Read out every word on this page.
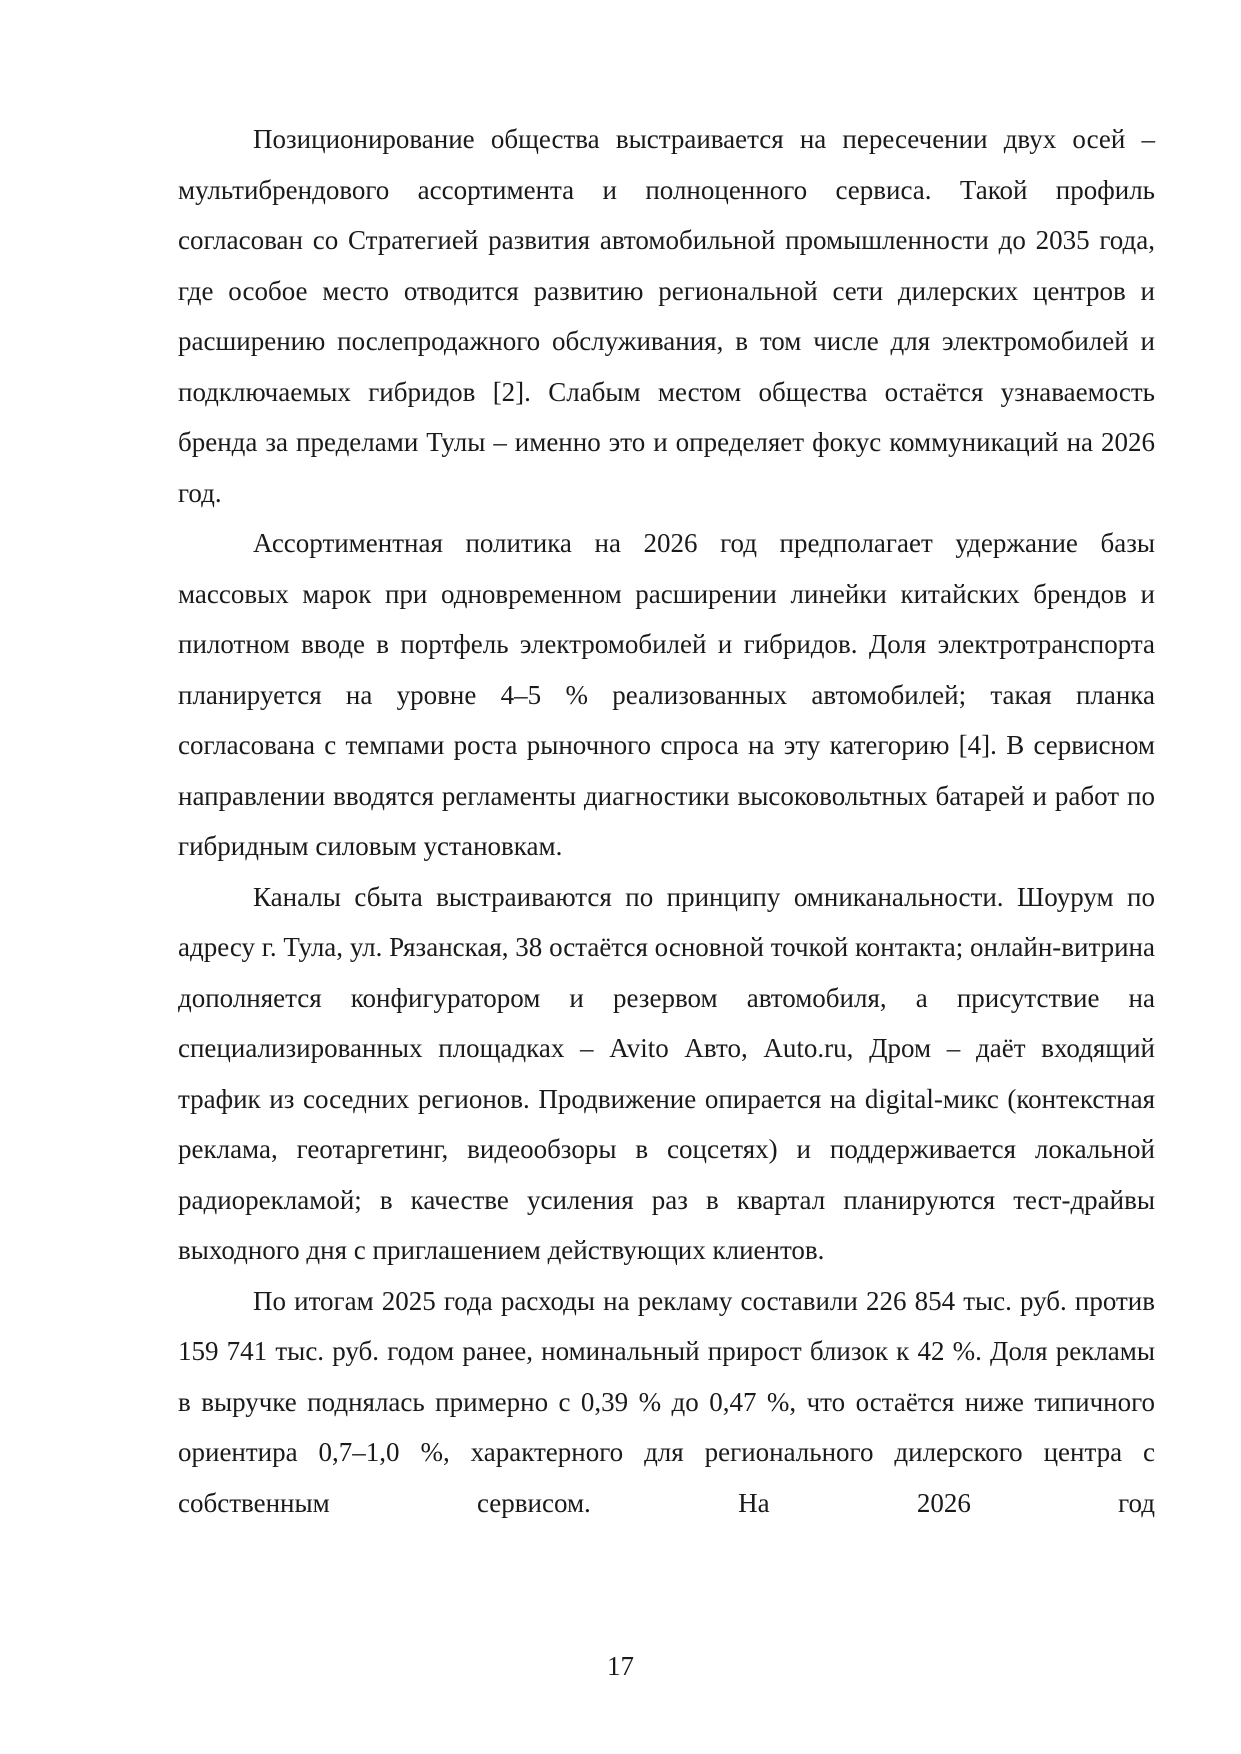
Позиционирование общества выстраивается на пересечении двух осей – мультибрендового ассортимента и полноценного сервиса. Такой профиль согласован со Стратегией развития автомобильной промышленности до 2035 года, где особое место отводится развитию региональной сети дилерских центров и расширению послепродажного обслуживания, в том числе для электромобилей и подключаемых гибридов [2]. Слабым местом общества остаётся узнаваемость бренда за пределами Тулы – именно это и определяет фокус коммуникаций на 2026 год.

Ассортиментная политика на 2026 год предполагает удержание базы массовых марок при одновременном расширении линейки китайских брендов и пилотном вводе в портфель электромобилей и гибридов. Доля электротранспорта планируется на уровне 4–5 % реализованных автомобилей; такая планка согласована с темпами роста рыночного спроса на эту категорию [4]. В сервисном направлении вводятся регламенты диагностики высоковольтных батарей и работ по гибридным силовым установкам.

Каналы сбыта выстраиваются по принципу омниканальности. Шоурум по адресу г. Тула, ул. Рязанская, 38 остаётся основной точкой контакта; онлайн-витрина дополняется конфигуратором и резервом автомобиля, а присутствие на специализированных площадках – Avito Авто, Auto.ru, Дром – даёт входящий трафик из соседних регионов. Продвижение опирается на digital-микс (контекстная реклама, геотаргетинг, видеообзоры в соцсетях) и поддерживается локальной радиорекламой; в качестве усиления раз в квартал планируются тест-драйвы выходного дня с приглашением действующих клиентов.

По итогам 2025 года расходы на рекламу составили 226 854 тыс. руб. против 159 741 тыс. руб. годом ранее, номинальный прирост близок к 42 %. Доля рекламы в выручке поднялась примерно с 0,39 % до 0,47 %, что остаётся ниже типичного ориентира 0,7–1,0 %, характерного для регионального дилерского центра с собственным сервисом. На 2026 год

17
